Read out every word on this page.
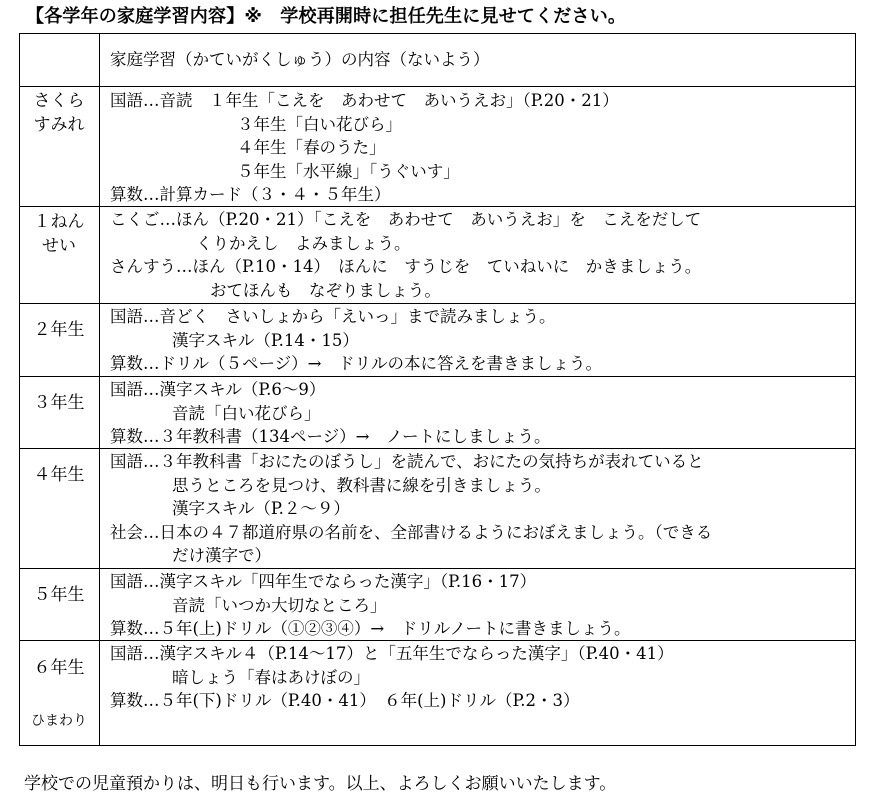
【各学年の家庭学習内容】※　学校再開時に担任先生に見せてください。
家庭学習（かていがくしゅう）の内容（ないよう）
さくら
すみれ
国語…音読　１年生「こえを　あわせて　あいうえお」（P.20・21）
３年生「白い花びら」
４年生「春のうた」
５年生「水平線」「うぐいす」
算数…計算カード（３・４・５年生）
１ねん
せい
こくご…ほん（P.20・21）「こえを　あわせて　あいうえお」を　こえをだして
くりかえし　よみましょう。
さんすう…ほん（P.10・14）　ほんに　すうじを　ていねいに　かきましょう。
おてほんも　なぞりましょう。
２年生
国語…音どく　さいしょから「えいっ」まで読みましょう。
漢字スキル（P.14・15）
算数…ドリル（５ページ）→　ドリルの本に答えを書きましょう。
３年生
国語…漢字スキル（P.6〜9）
音読「白い花びら」
算数…３年教科書（134ページ）→　ノートにしましょう。
４年生
国語…３年教科書「おにたのぼうし」を読んで、おにたの気持ちが表れていると
思うところを見つけ、教科書に線を引きましょう。
漢字スキル（P.２〜９）
社会…日本の４７都道府県の名前を、全部書けるようにおぼえましょう。（できる
だけ漢字で）
５年生
国語…漢字スキル「四年生でならった漢字」（P.16・17）
音読「いつか大切なところ」
算数…５年(上)ドリル（①②③④）→　ドリルノートに書きましょう。
６年生
ひまわり
国語…漢字スキル４（P.14〜17）と「五年生でならった漢字」（P.40・41）
暗しょう「春はあけぼの」
算数…５年(下)ドリル（P.40・41）　６年(上)ドリル（P.2・3）
学校での児童預かりは、明日も行います。以上、よろしくお願いいたします。
